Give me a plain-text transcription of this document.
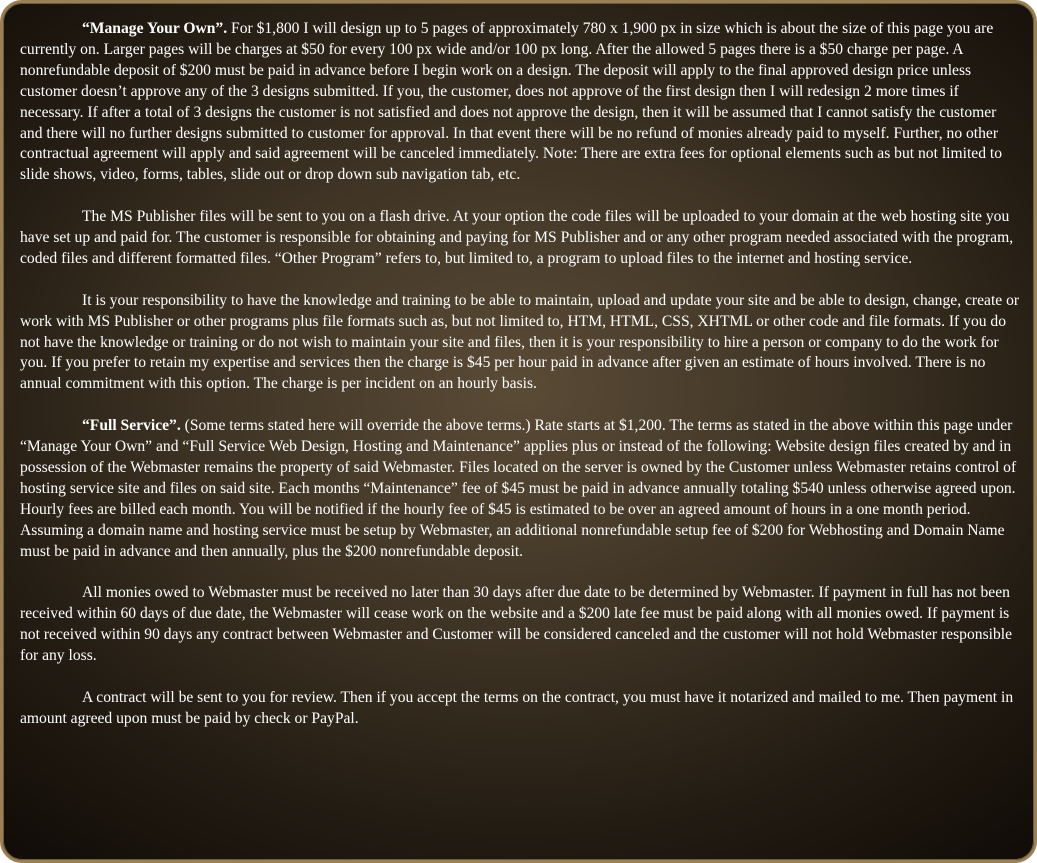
“Manage Your Own”. For $1,800 I will design up to 5 pages of approximately 780 x 1,900 px in size which is about the size of this page you are currently on. Larger pages will be charges at $50 for every 100 px wide and/or 100 px long. After the allowed 5 pages there is a $50 charge per page. A nonrefundable deposit of $200 must be paid in advance before I begin work on a design. The deposit will apply to the final approved design price unless customer doesn’t approve any of the 3 designs submitted. If you, the customer, does not approve of the first design then I will redesign 2 more times if necessary. If after a total of 3 designs the customer is not satisfied and does not approve the design, then it will be assumed that I cannot satisfy the customer and there will no further designs submitted to customer for approval. In that event there will be no refund of monies already paid to myself. Further, no other contractual agreement will apply and said agreement will be canceled immediately. Note: There are extra fees for optional elements such as but not limited to slide shows, video, forms, tables, slide out or drop down sub navigation tab, etc.

The MS Publisher files will be sent to you on a flash drive. At your option the code files will be uploaded to your domain at the web hosting site you have set up and paid for. The customer is responsible for obtaining and paying for MS Publisher and or any other program needed associated with the program, coded files and different formatted files. “Other Program” refers to, but limited to, a program to upload files to the internet and hosting service.

It is your responsibility to have the knowledge and training to be able to maintain, upload and update your site and be able to design, change, create or work with MS Publisher or other programs plus file formats such as, but not limited to, HTM, HTML, CSS, XHTML or other code and file formats. If you do not have the knowledge or training or do not wish to maintain your site and files, then it is your responsibility to hire a person or company to do the work for you. If you prefer to retain my expertise and services then the charge is $45 per hour paid in advance after given an estimate of hours involved. There is no annual commitment with this option. The charge is per incident on an hourly basis.

“Full Service”. (Some terms stated here will override the above terms.) Rate starts at $1,200. The terms as stated in the above within this page under “Manage Your Own” and “Full Service Web Design, Hosting and Maintenance” applies plus or instead of the following: Website design files created by and in possession of the Webmaster remains the property of said Webmaster. Files located on the server is owned by the Customer unless Webmaster retains control of hosting service site and files on said site. Each months “Maintenance” fee of $45 must be paid in advance annually totaling $540 unless otherwise agreed upon. Hourly fees are billed each month. You will be notified if the hourly fee of $45 is estimated to be over an agreed amount of hours in a one month period. Assuming a domain name and hosting service must be setup by Webmaster, an additional nonrefundable setup fee of $200 for Webhosting and Domain Name must be paid in advance and then annually, plus the $200 nonrefundable deposit.

All monies owed to Webmaster must be received no later than 30 days after due date to be determined by Webmaster. If payment in full has not been received within 60 days of due date, the Webmaster will cease work on the website and a $200 late fee must be paid along with all monies owed. If payment is not received within 90 days any contract between Webmaster and Customer will be considered canceled and the customer will not hold Webmaster responsible for any loss.

A contract will be sent to you for review. Then if you accept the terms on the contract, you must have it notarized and mailed to me. Then payment in amount agreed upon must be paid by check or PayPal.
